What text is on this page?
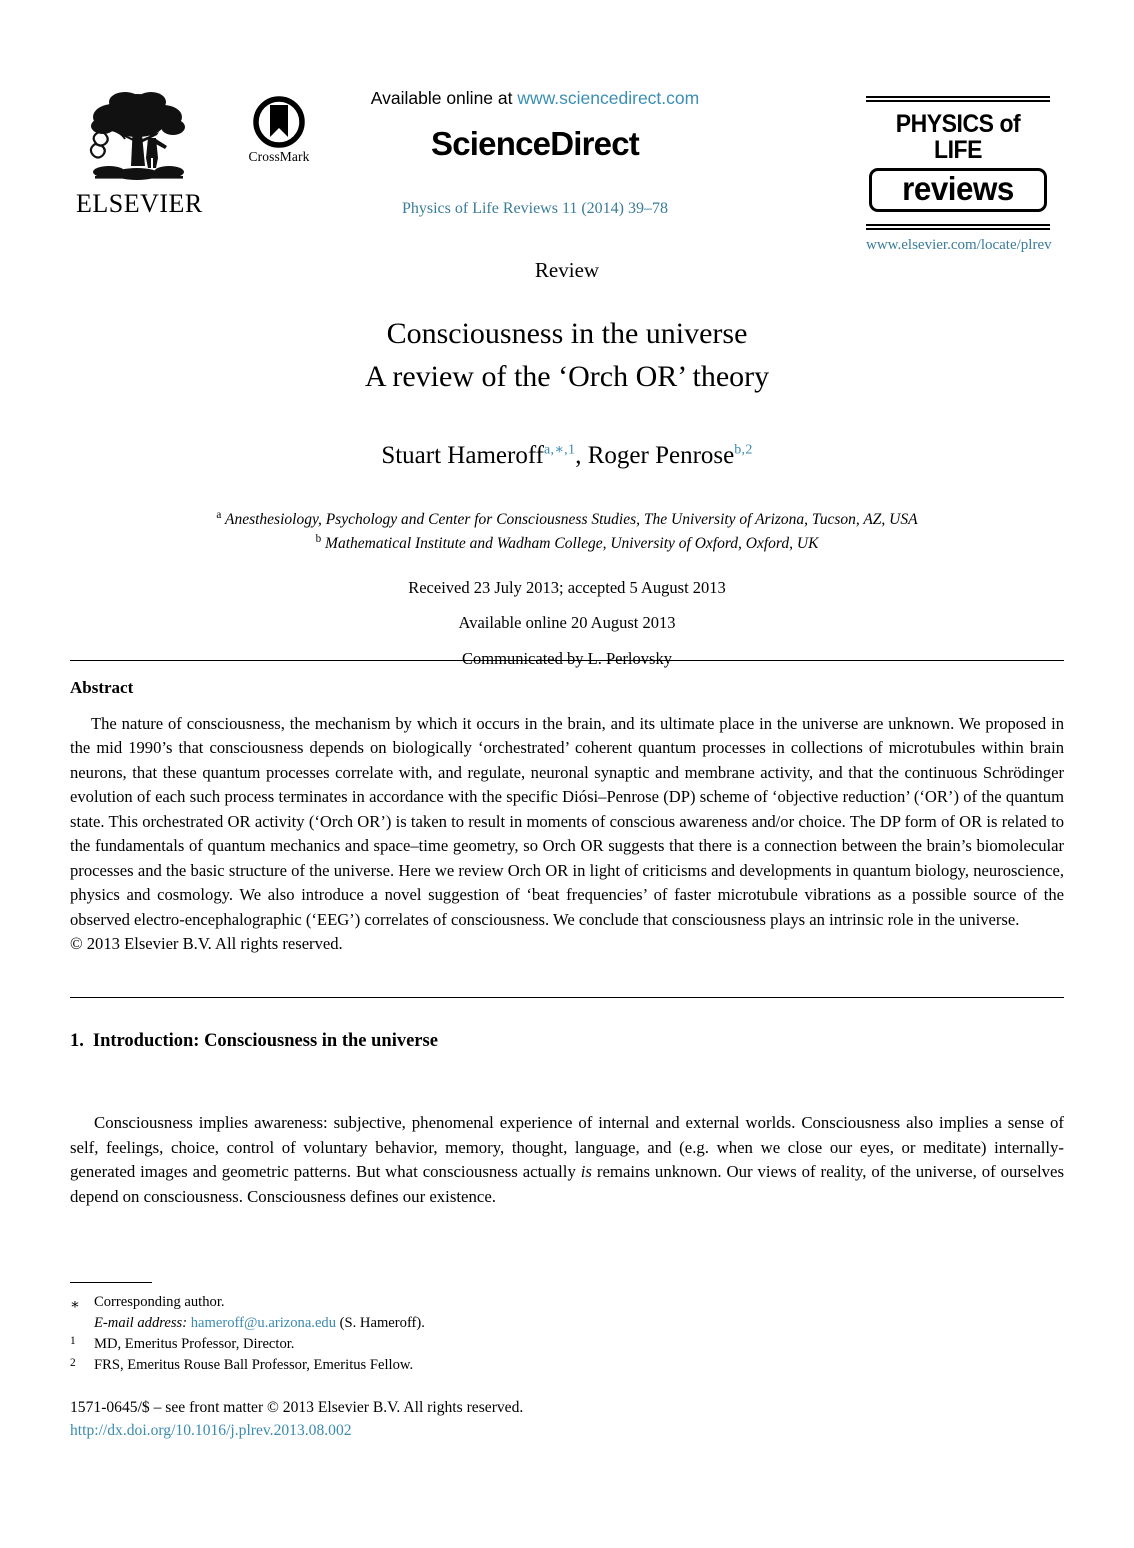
ELSEVIER
CrossMark
Available online at www.sciencedirect.com
ScienceDirect
Physics of Life Reviews 11 (2014) 39–78
PHYSICS of LIFE
reviews
www.elsevier.com/locate/plrev
Review
Consciousness in the universe
A review of the ‘Orch OR’ theory
Stuart Hameroff$^{a,∗,1}$, Roger Penrose$^{b,2}$
$^a$ Anesthesiology, Psychology and Center for Consciousness Studies, The University of Arizona, Tucson, AZ, USA
$^b$ Mathematical Institute and Wadham College, University of Oxford, Oxford, UK
Received 23 July 2013; accepted 5 August 2013
Available online 20 August 2013
Communicated by L. Perlovsky
Abstract
The nature of consciousness, the mechanism by which it occurs in the brain, and its ultimate place in the universe are unknown. We proposed in the mid 1990’s that consciousness depends on biologically ‘orchestrated’ coherent quantum processes in collections of microtubules within brain neurons, that these quantum processes correlate with, and regulate, neuronal synaptic and membrane activity, and that the continuous Schrödinger evolution of each such process terminates in accordance with the specific Diósi–Penrose (DP) scheme of ‘objective reduction’ (‘OR’) of the quantum state. This orchestrated OR activity (‘Orch OR’) is taken to result in moments of conscious awareness and/or choice. The DP form of OR is related to the fundamentals of quantum mechanics and space–time geometry, so Orch OR suggests that there is a connection between the brain’s biomolecular processes and the basic structure of the universe. Here we review Orch OR in light of criticisms and developments in quantum biology, neuroscience, physics and cosmology. We also introduce a novel suggestion of ‘beat frequencies’ of faster microtubule vibrations as a possible source of the observed electro-encephalographic (‘EEG’) correlates of consciousness. We conclude that consciousness plays an intrinsic role in the universe.
© 2013 Elsevier B.V. All rights reserved.
1. Introduction: Consciousness in the universe

Consciousness implies awareness: subjective, phenomenal experience of internal and external worlds. Consciousness also implies a sense of self, feelings, choice, control of voluntary behavior, memory, thought, language, and (e.g. when we close our eyes, or meditate) internally-generated images and geometric patterns. But what consciousness actually is remains unknown. Our views of reality, of the universe, of ourselves depend on consciousness. Consciousness defines our existence.

∗ Corresponding author.
E-mail address: hameroff@u.arizona.edu (S. Hameroff).
1	MD, Emeritus Professor, Director.
2	FRS, Emeritus Rouse Ball Professor, Emeritus Fellow.
1571-0645/$ – see front matter © 2013 Elsevier B.V. All rights reserved.
http://dx.doi.org/10.1016/j.plrev.2013.08.002
